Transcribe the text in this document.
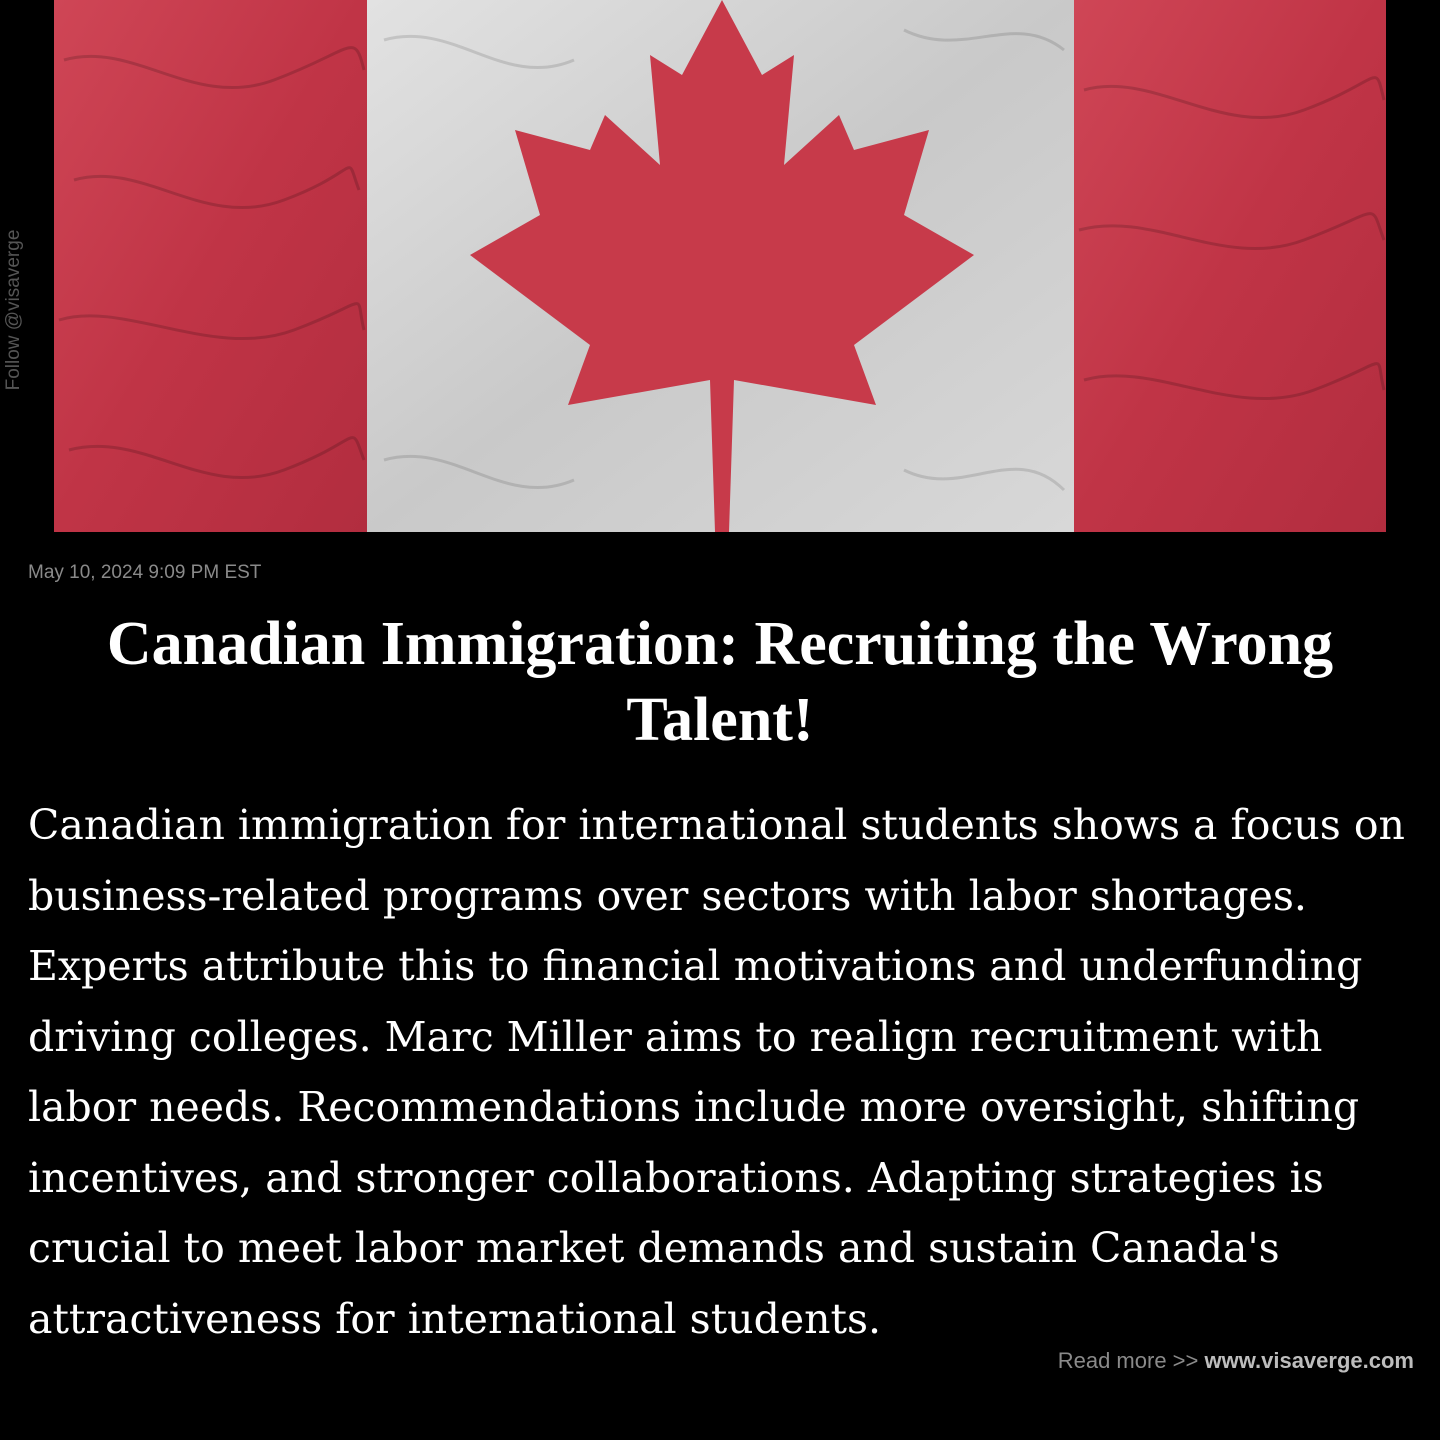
Follow @visaverge
May 10, 2024 9:09 PM EST
Canadian Immigration: Recruiting the Wrong Talent!

Canadian immigration for international students shows a focus on business-related programs over sectors with labor shortages. Experts attribute this to financial motivations and underfunding driving colleges. Marc Miller aims to realign recruitment with labor needs. Recommendations include more oversight, shifting incentives, and stronger collaborations. Adapting strategies is crucial to meet labor market demands and sustain Canada's attractiveness for international students.

Read more >> www.visaverge.com
